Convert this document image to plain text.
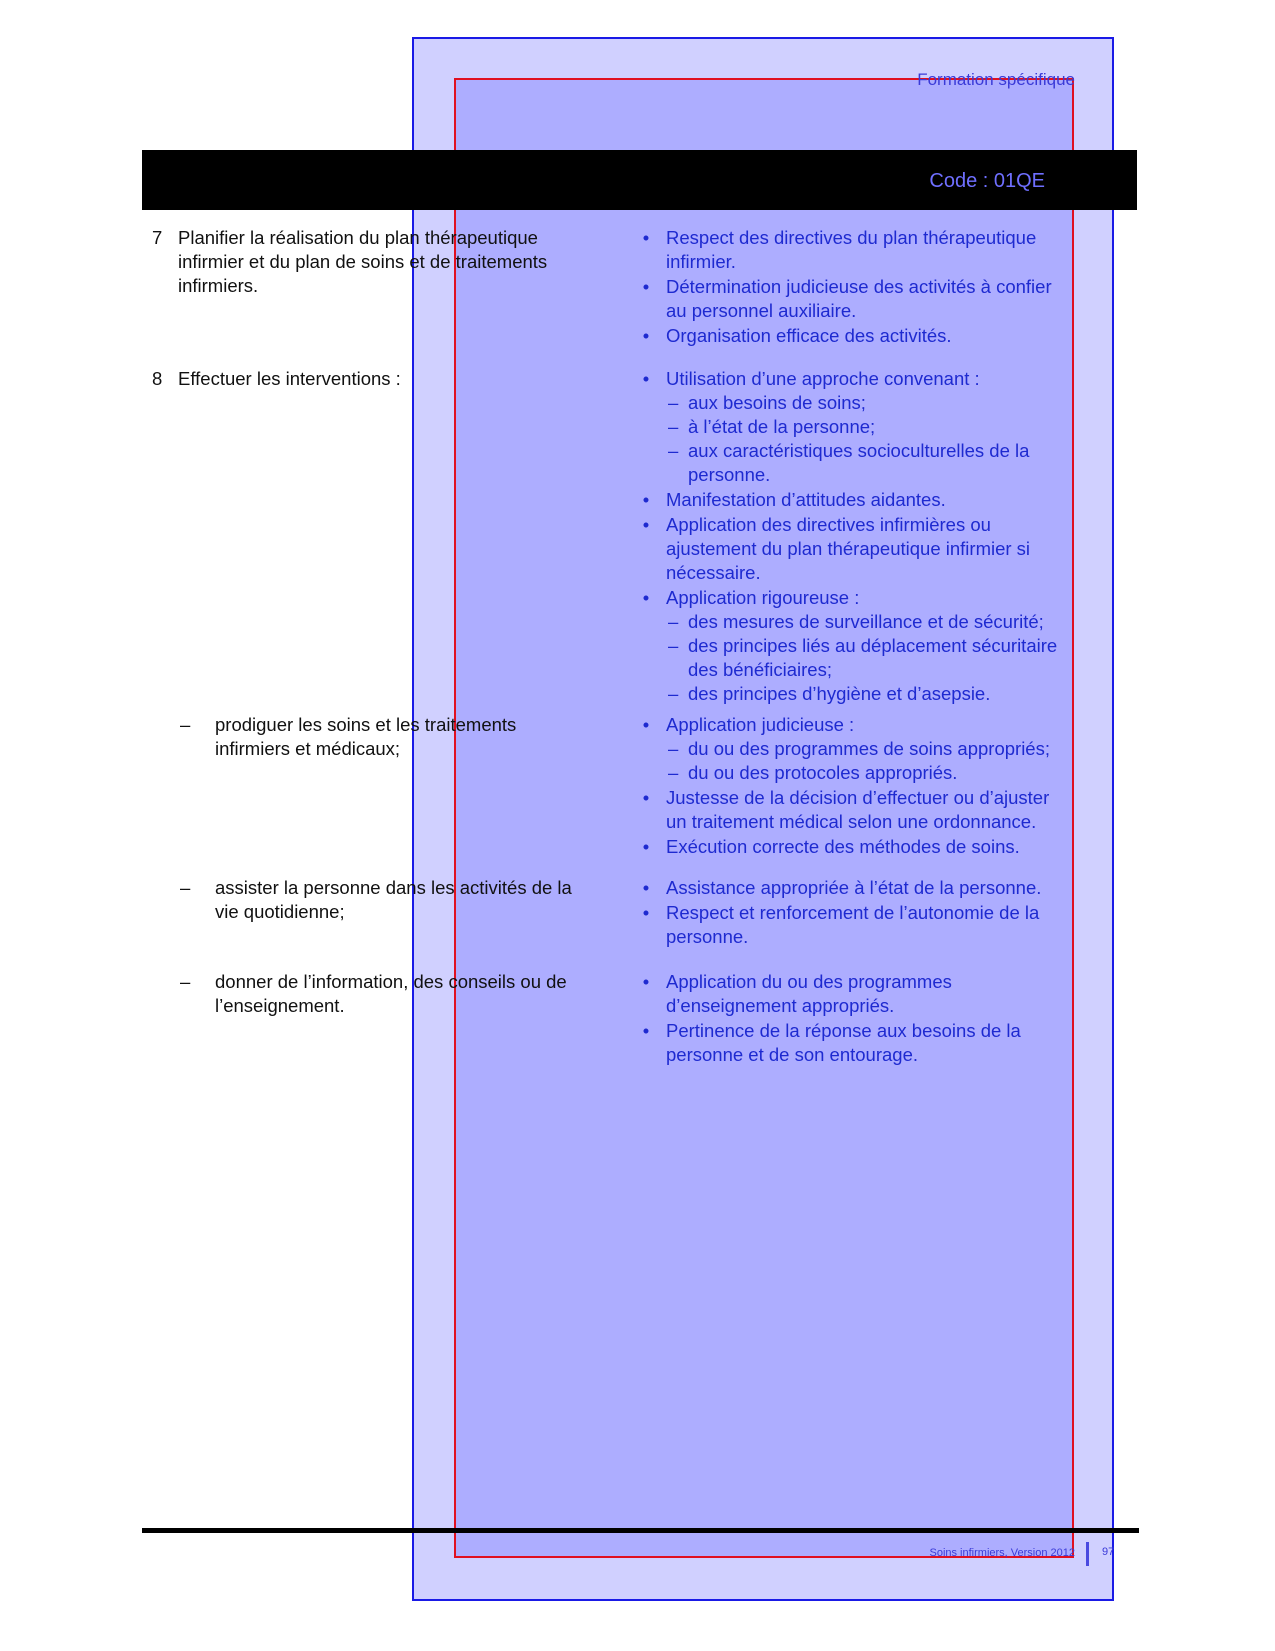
Formation spécifique
Code : 01QE
7 Planifier la réalisation du plan thérapeutique
infirmier et du plan de soins et de traitements
infirmiers.
• Respect des directives du plan thérapeutique
infirmier.
• Détermination judicieuse des activités à confier
au personnel auxiliaire.
• Organisation efficace des activités.
8 Effectuer les interventions :	• Utilisation d’une approche convenant :
– aux besoins de soins;
– à l’état de la personne;
– aux caractéristiques socioculturelles de la
personne.
• Manifestation d’attitudes aidantes.
• Application des directives infirmières ou
ajustement du plan thérapeutique infirmier si
nécessaire.
• Application rigoureuse :
– des mesures de surveillance et de sécurité;
– des principes liés au déplacement sécuritaire
des bénéficiaires;
– des principes d’hygiène et d’asepsie.
–	prodiguer les soins et les traitements
infirmiers et médicaux;
• Application judicieuse :
– du ou des programmes de soins appropriés;
– du ou des protocoles appropriés.
• Justesse de la décision d’effectuer ou d’ajuster
un traitement médical selon une ordonnance.
• Exécution correcte des méthodes de soins.
–	assister la personne dans les activités de la
vie quotidienne;
• Assistance appropriée à l’état de la personne.
• Respect et renforcement de l’autonomie de la
personne.
–	donner de l’information, des conseils ou de
l’enseignement.
• Application du ou des programmes
d’enseignement appropriés.
• Pertinence de la réponse aux besoins de la
personne et de son entourage.
Soins infirmiers, Version 2012 97
